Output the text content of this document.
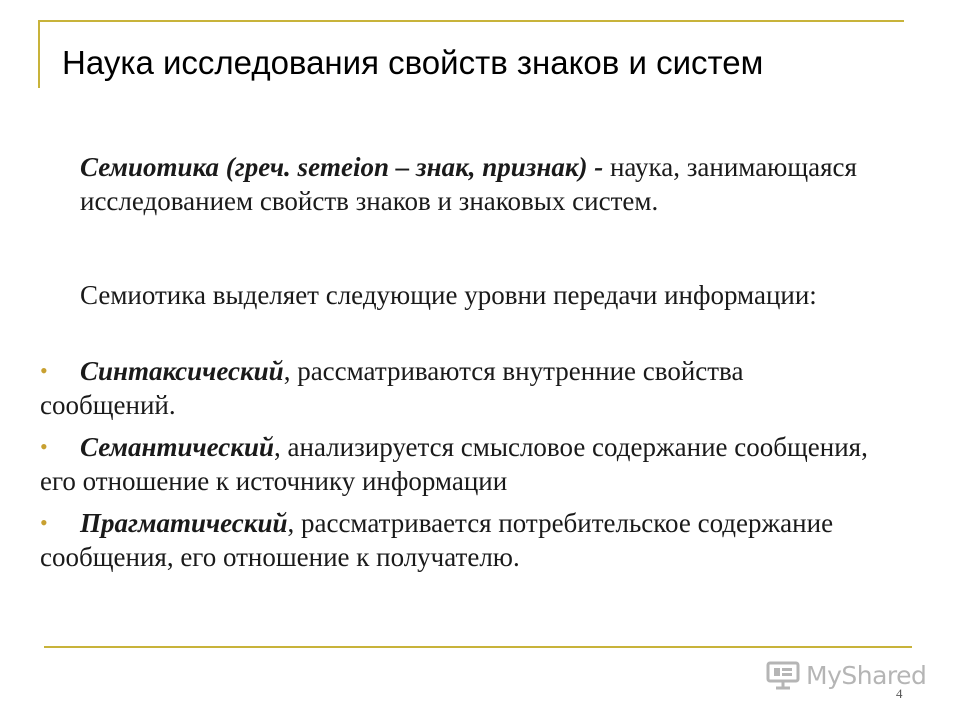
Наука исследования свойств знаков и систем
Семиотика (греч. semeion – знак, признак) - наука, занимающаяся исследованием свойств знаков и знаковых систем.
Семиотика выделяет следующие уровни передачи информации:
• Синтаксический, рассматриваются внутренние свойства сообщений.
• Семантический, анализируется смысловое содержание сообщения, его отношение к источнику информации
• Прагматический, рассматривается потребительское содержание сообщения, его отношение к получателю.
MyShared
4
